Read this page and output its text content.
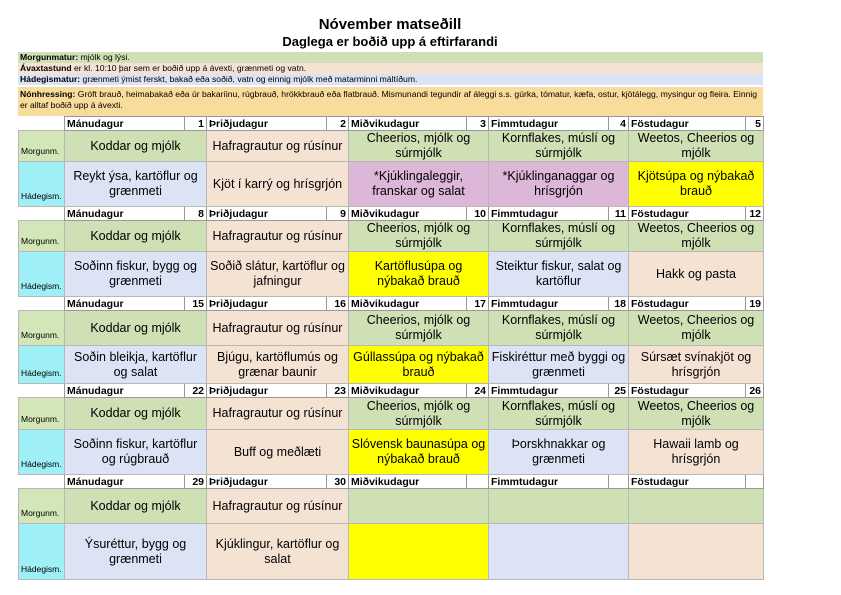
Nóvember matseðill
Daglega er boðið upp á eftirfarandi
Morgunmatur: mjólk og lýsi.
Ávaxtastund er kl. 10:10 þar sem er boðið upp á ávexti, grænmeti og vatn.
Hádegismatur: grænmeti ýmist ferskt, bakað eða soðið, vatn og einnig mjólk með matarminni máltíðum.
Nónhressing: Gróft brauð, heimabakað eða úr bakaríinu, rúgbrauð, hrökkbrauð eða flatbrauð. Mismunandi tegundir af áleggi s.s. gúrka, tómatur, kæfa, ostur, kjötálegg, mysingur og fleira. Einnig er alltaf boðið upp á ávexti.
	Mánudagur	1	Þriðjudagur	2	Miðvikudagur	3	Fimmtudagur	4	Föstudagur	5
Morgunm.	Koddar og mjólk		Hafragrautur og rúsínur		Cheerios, mjólk og súrmjólk		Kornflakes, múslí og súrmjólk		Weetos, Cheerios og mjólk	
Hádegism.	Reykt ýsa, kartöflur og grænmeti		Kjöt í karrý og hrísgrjón		*Kjúklingaleggir, franskar og salat		*Kjúklinganaggar og hrísgrjón		Kjötsúpa og nýbakað brauð	
	Mánudagur	8	Þriðjudagur	9	Miðvikudagur	10	Fimmtudagur	11	Föstudagur	12
Morgunm.	Koddar og mjólk		Hafragrautur og rúsínur		Cheerios, mjólk og súrmjólk		Kornflakes, múslí og súrmjólk		Weetos, Cheerios og mjólk	
Hádegism.	Soðinn fiskur, bygg og grænmeti		Soðið slátur, kartöflur og jafningur		Kartöflusúpa og nýbakað brauð		Steiktur fiskur, salat og kartöflur		Hakk og pasta	
	Mánudagur	15	Þriðjudagur	16	Miðvikudagur	17	Fimmtudagur	18	Föstudagur	19
Morgunm.	Koddar og mjólk		Hafragrautur og rúsínur		Cheerios, mjólk og súrmjólk		Kornflakes, múslí og súrmjólk		Weetos, Cheerios og mjólk	
Hádegism.	Soðin bleikja, kartöflur og salat		Bjúgu, kartöflumús og grænar baunir		Gúllassúpa og nýbakað brauð		Fiskiréttur með byggi og grænmeti		Súrsæt svínakjöt og hrísgrjón	
	Mánudagur	22	Þriðjudagur	23	Miðvikudagur	24	Fimmtudagur	25	Föstudagur	26
Morgunm.	Koddar og mjólk		Hafragrautur og rúsínur		Cheerios, mjólk og súrmjólk		Kornflakes, múslí og súrmjólk		Weetos, Cheerios og mjólk	
Hádegism.	Soðinn fiskur, kartöflur og rúgbrauð		Buff og meðlæti		Slóvensk baunasúpa og nýbakað brauð		Þorskhnakkar og grænmeti		Hawaii lamb og hrísgrjón	
	Mánudagur	29	Þriðjudagur	30	Miðvikudagur		Fimmtudagur		Föstudagur	
Morgunm.	Koddar og mjólk		Hafragrautur og rúsínur							
Hádegism.	Ýsuréttur, bygg og grænmeti		Kjúklingur, kartöflur og salat							
